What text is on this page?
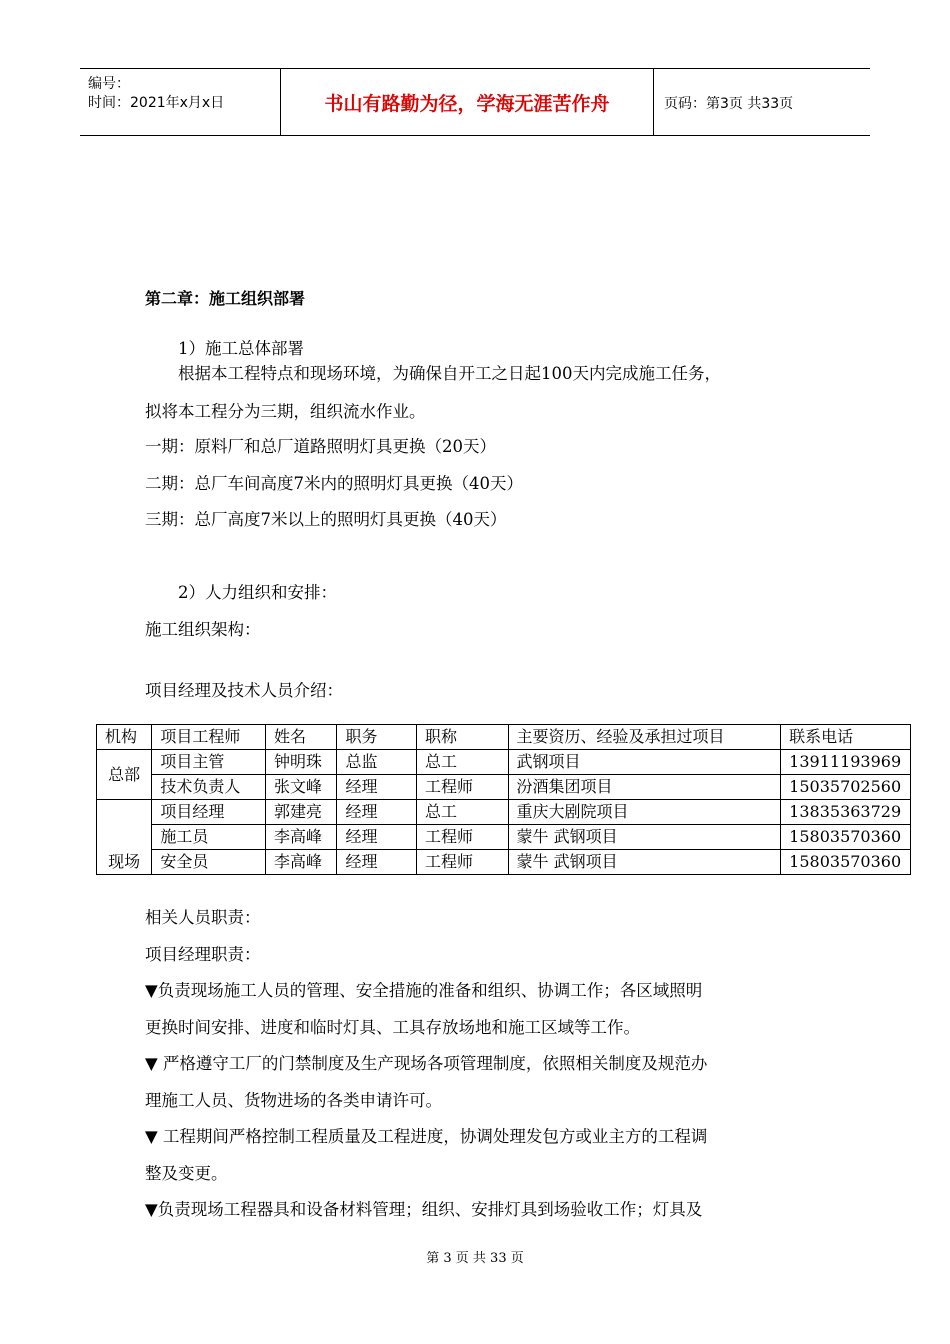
编号：
时间：2021年x月x日	书山有路勤为径，学海无涯苦作舟	页码：第3页 共33页
第二章：施工组织部署
1）施工总体部署
根据本工程特点和现场环境，为确保自开工之日起100天内完成施工任务，
拟将本工程分为三期，组织流水作业。
一期：原料厂和总厂道路照明灯具更换（20天）
二期：总厂车间高度7米内的照明灯具更换（40天）
三期：总厂高度7米以上的照明灯具更换（40天）
2）人力组织和安排：
施工组织架构：
项目经理及技术人员介绍：
机构	项目工程师	姓名	职务	职称	主要资历、经验及承担过项目	联系电话
总部	项目主管	钟明珠	总监	总工	武钢项目	13911193969
	技术负责人	张文峰	经理	工程师	汾酒集团项目	15035702560
现场	项目经理	郭建亮	经理	总工	重庆大剧院项目	13835363729
	施工员	李高峰	经理	工程师	蒙牛 武钢项目	15803570360
	安全员	李高峰	经理	工程师	蒙牛 武钢项目	15803570360
相关人员职责：
项目经理职责：
▼负责现场施工人员的管理、安全措施的准备和组织、协调工作；各区域照明
更换时间安排、进度和临时灯具、工具存放场地和施工区域等工作。
▼ 严格遵守工厂的门禁制度及生产现场各项管理制度，依照相关制度及规范办
理施工人员、货物进场的各类申请许可。
▼ 工程期间严格控制工程质量及工程进度，协调处理发包方或业主方的工程调
整及变更。
▼负责现场工程器具和设备材料管理；组织、安排灯具到场验收工作；灯具及
第 3 页 共 33 页
